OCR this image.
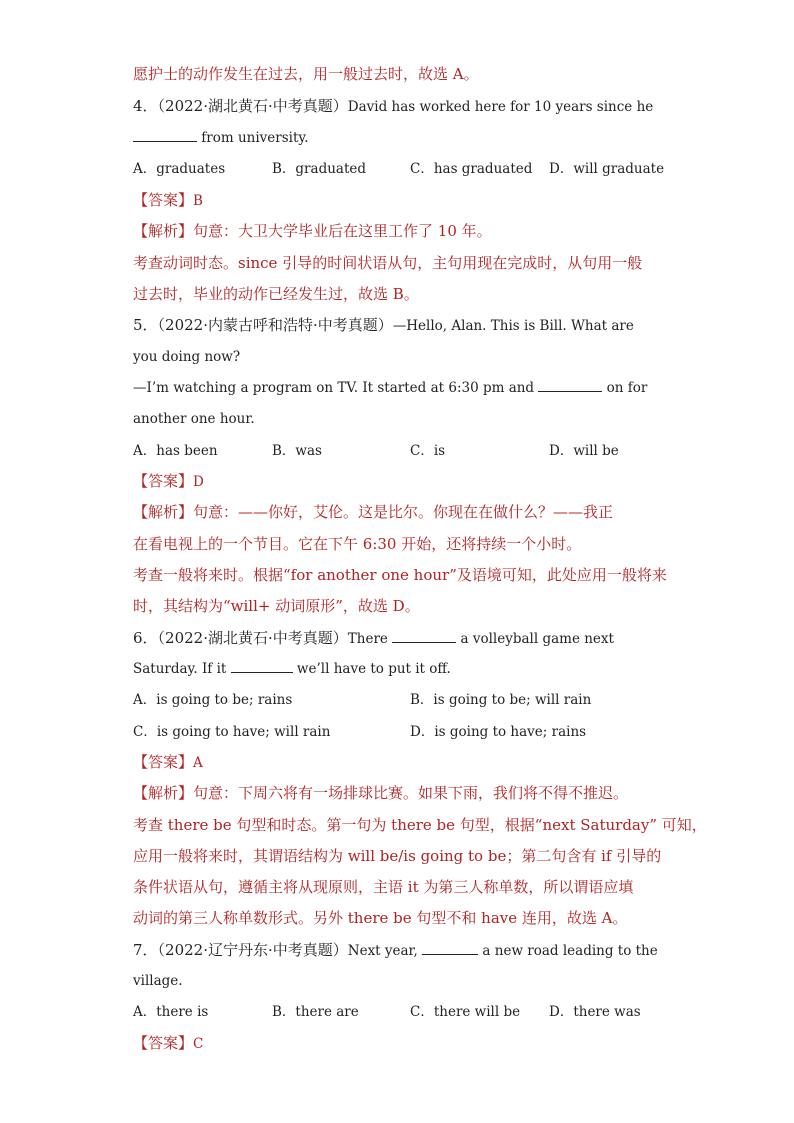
愿护士的动作发生在过去，用一般过去时，故选 A。
4．（2022·湖北黄石·中考真题）David has worked here for 10 years since he
from university.
A．graduates	B．graduated	C．has graduated D．will graduate
【答案】B
【解析】句意：大卫大学毕业后在这里工作了 10 年。
考查动词时态。since 引导的时间状语从句，主句用现在完成时，从句用一般
过去时，毕业的动作已经发生过，故选 B。
5．（2022·内蒙古呼和浩特·中考真题）—Hello, Alan. This is Bill. What are
you doing now?
—I’m watching a program on TV. It started at 6:30 pm and	on for
another one hour.
A．has been	B．was	C．is	D．will be
【答案】D
【解析】句意：——你好，艾伦。这是比尔。你现在在做什么？——我正
在看电视上的一个节目。它在下午 6:30 开始，还将持续一个小时。
考查一般将来时。根据“for another one hour”及语境可知，此处应用一般将来
时，其结构为“will+ 动词原形”，故选 D。
6．（2022·湖北黄石·中考真题）There	a volleyball game next
Saturday. If it	we’ll have to put it off.
A．is going to be; rains	B．is going to be; will rain
C．is going to have; will rain	D．is going to have; rains
【答案】A
【解析】句意：下周六将有一场排球比赛。如果下雨，我们将不得不推迟。
考查 there be 句型和时态。第一句为 there be 句型，根据“next Saturday” 可知，
应用一般将来时，其谓语结构为 will be/is going to be；第二句含有 if 引导的
条件状语从句，遵循主将从现原则，主语 it 为第三人称单数，所以谓语应填
动词的第三人称单数形式。另外 there be 句型不和 have 连用，故选 A。
7．（2022·辽宁丹东·中考真题）Next year,	a new road leading to the
village.
A．there is	B．there are	C．there will be D．there was
【答案】C
